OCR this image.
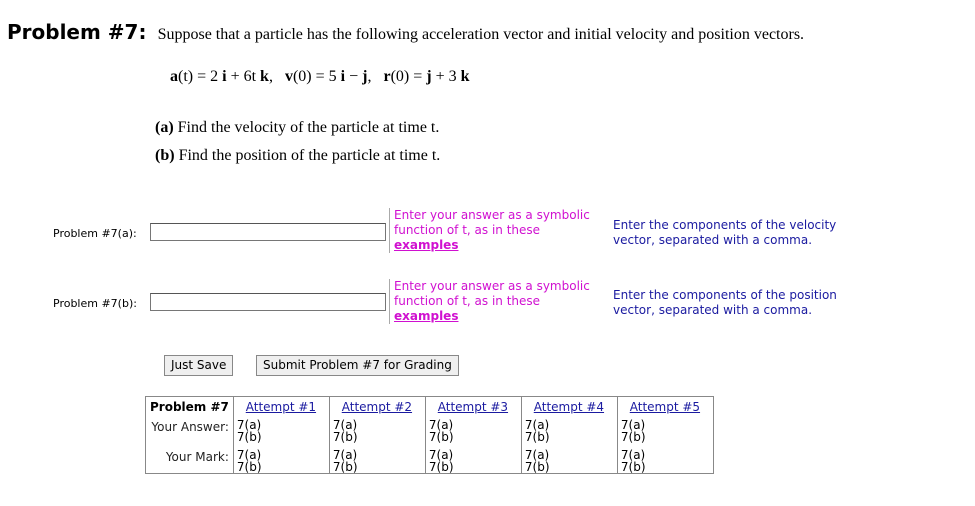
Problem #7: Suppose that a particle has the following acceleration vector and initial velocity and position vectors.
a(t) = 2 i + 6t k, v(0) = 5 i − j, r(0) = j + 3 k
(a) Find the velocity of the particle at time t.
(b) Find the position of the particle at time t.
Problem #7(a):
Enter your answer as a symbolic function of t, as in these
examples
Enter the components of the velocity vector, separated with a comma.
Problem #7(b):
Enter your answer as a symbolic function of t, as in these
examples
Enter the components of the position vector, separated with a comma.
Just Save	Submit Problem #7 for Grading
Problem #7	Attempt #1	Attempt #2	Attempt #3	Attempt #4	Attempt #5
Your Answer:	7(a)
7(b)	7(a)
7(b)	7(a)
7(b)	7(a)
7(b)	7(a)
7(b)

Your Mark:	7(a)
7(b)	7(a)
7(b)	7(a)
7(b)	7(a)
7(b)	7(a)
7(b)
